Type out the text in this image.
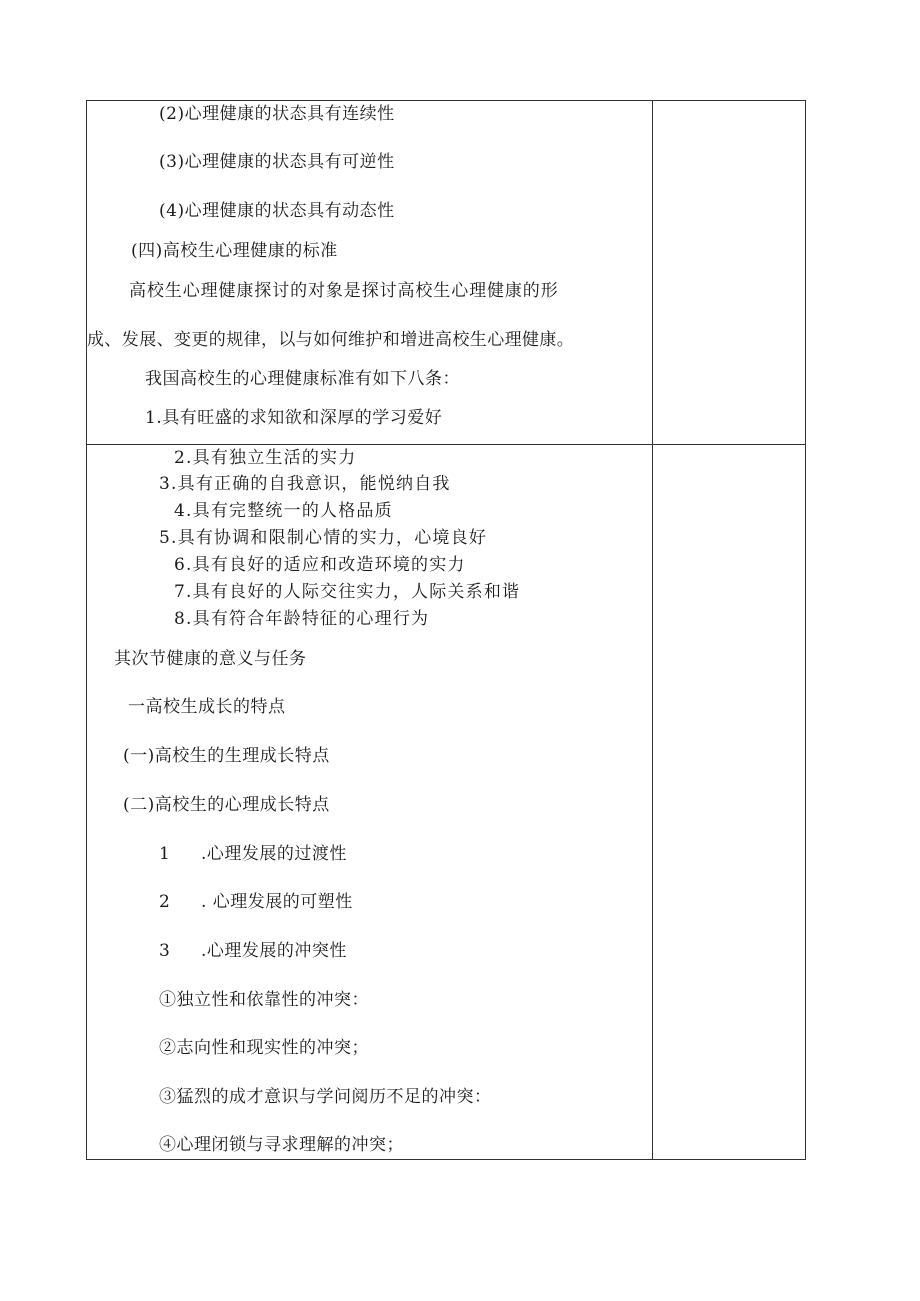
(2)心理健康的状态具有连续性
(3)心理健康的状态具有可逆性
(4)心理健康的状态具有动态性
(四)高校生心理健康的标准
高校生心理健康探讨的对象是探讨高校生心理健康的形
成、发展、变更的规律，以与如何维护和增进高校生心理健康。
我国高校生的心理健康标准有如下八条：
1.具有旺盛的求知欲和深厚的学习爱好
2.具有独立生活的实力
3.具有正确的自我意识，能悦纳自我
4.具有完整统一的人格品质
5.具有协调和限制心情的实力，心境良好
6.具有良好的适应和改造环境的实力
7.具有良好的人际交往实力，人际关系和谐
8.具有符合年龄特征的心理行为
其次节健康的意义与任务
一高校生成长的特点
(一)高校生的生理成长特点
(二)高校生的心理成长特点
1 .心理发展的过渡性
2 . 心理发展的可塑性
3 .心理发展的冲突性
①独立性和依靠性的冲突：
②志向性和现实性的冲突；
③猛烈的成才意识与学问阅历不足的冲突：
④心理闭锁与寻求理解的冲突；
